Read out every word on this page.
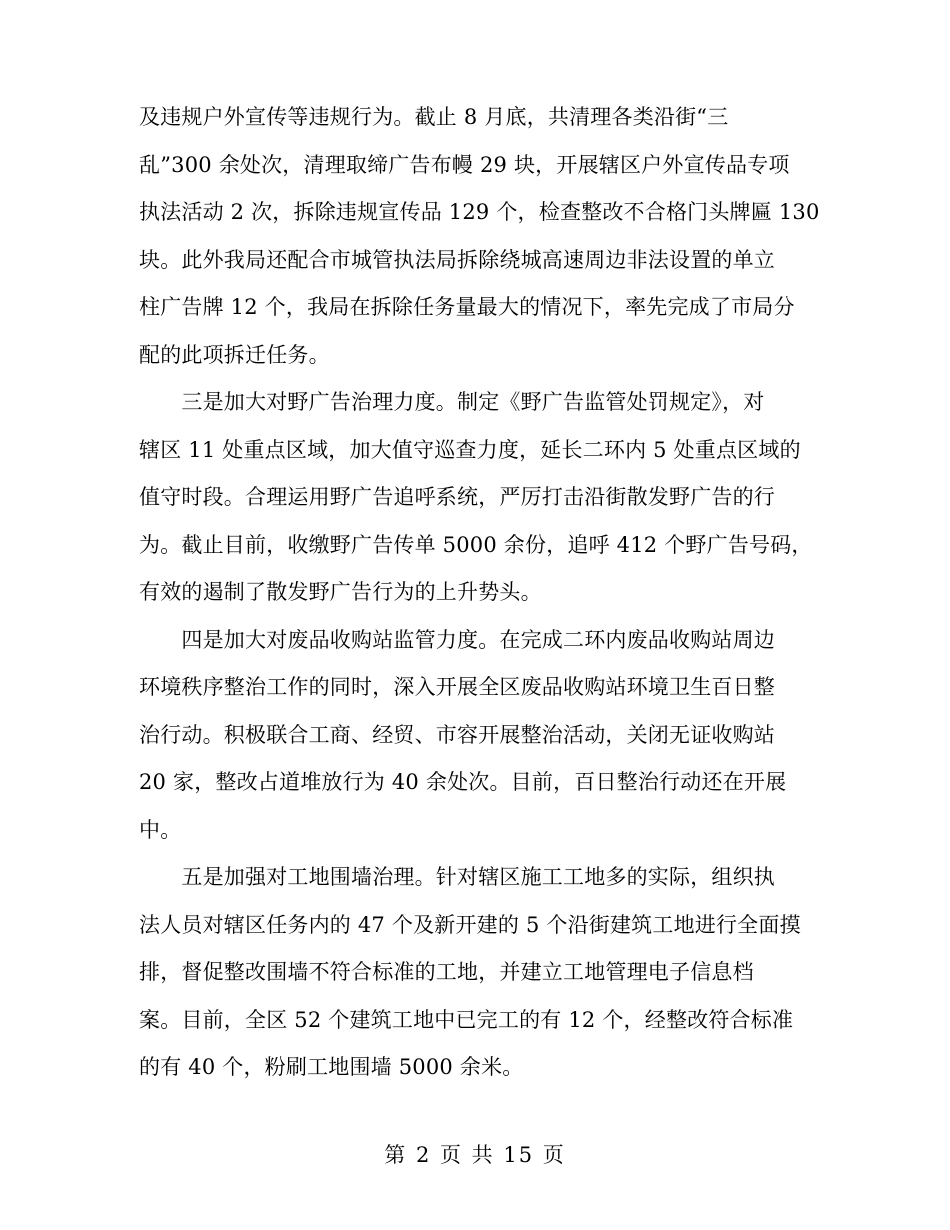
及违规户外宣传等违规行为。截止 8 月底，共清理各类沿街“三
乱”300 余处次，清理取缔广告布幔 29 块，开展辖区户外宣传品专项
执法活动 2 次，拆除违规宣传品 129 个，检查整改不合格门头牌匾 130
块。此外我局还配合市城管执法局拆除绕城高速周边非法设置的单立
柱广告牌 12 个，我局在拆除任务量最大的情况下，率先完成了市局分
配的此项拆迁任务。
　　三是加大对野广告治理力度。制定《野广告监管处罚规定》，对
辖区 11 处重点区域，加大值守巡查力度，延长二环内 5 处重点区域的
值守时段。合理运用野广告追呼系统，严厉打击沿街散发野广告的行
为。截止目前，收缴野广告传单 5000 余份，追呼 412 个野广告号码，
有效的遏制了散发野广告行为的上升势头。
　　四是加大对废品收购站监管力度。在完成二环内废品收购站周边
环境秩序整治工作的同时，深入开展全区废品收购站环境卫生百日整
治行动。积极联合工商、经贸、市容开展整治活动，关闭无证收购站
20 家，整改占道堆放行为 40 余处次。目前，百日整治行动还在开展
中。
　　五是加强对工地围墙治理。针对辖区施工工地多的实际，组织执
法人员对辖区任务内的 47 个及新开建的 5 个沿街建筑工地进行全面摸
排，督促整改围墙不符合标准的工地，并建立工地管理电子信息档
案。目前，全区 52 个建筑工地中已完工的有 12 个，经整改符合标准
的有 40 个，粉刷工地围墙 5000 余米。
第 2 页 共 15 页
